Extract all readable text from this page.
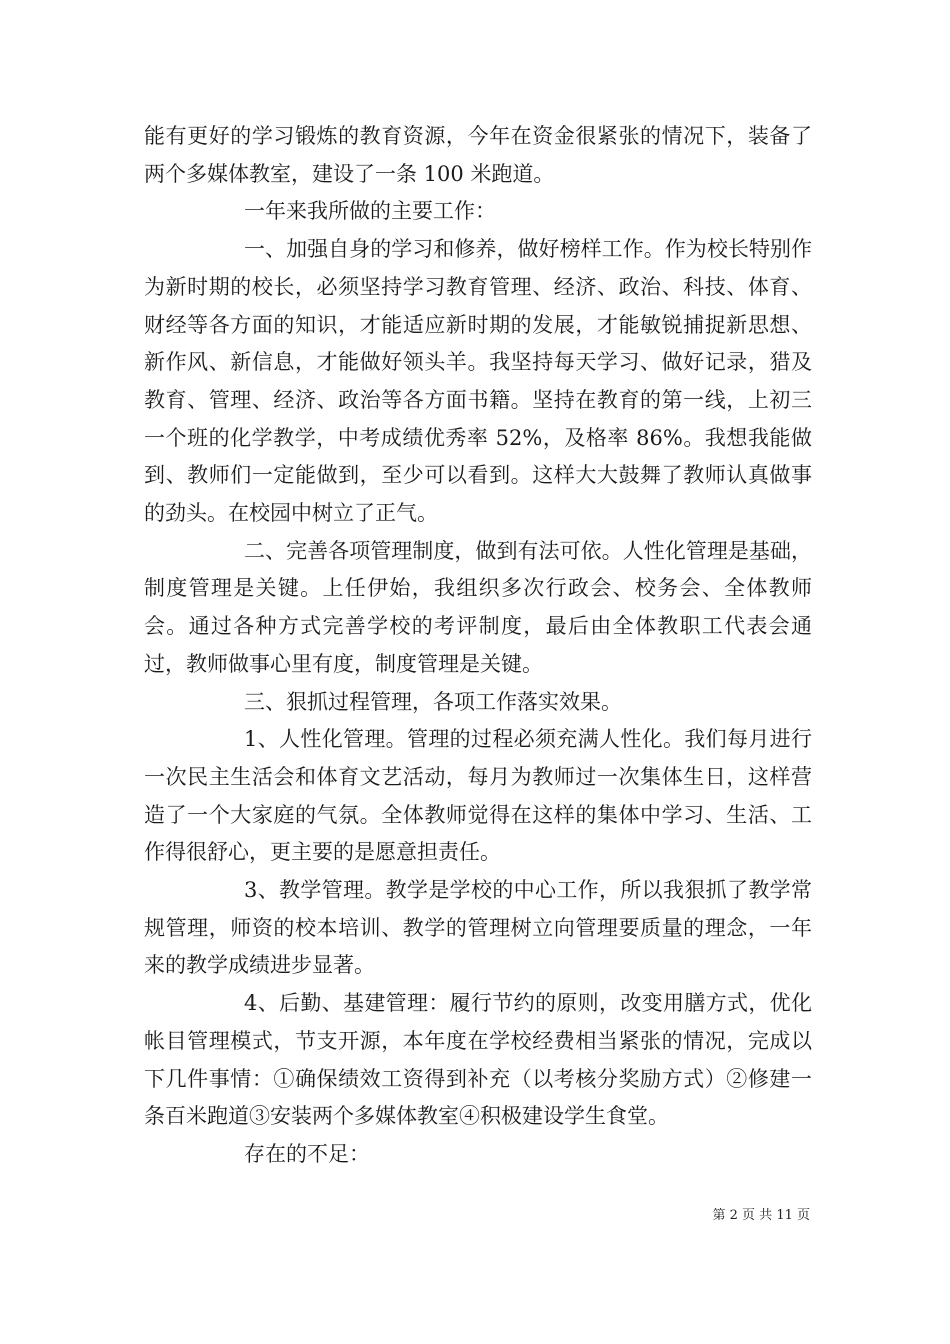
能有更好的学习锻炼的教育资源，今年在资金很紧张的情况下，装备了两个多媒体教室，建设了一条 100 米跑道。

一年来我所做的主要工作：

一、加强自身的学习和修养，做好榜样工作。作为校长特别作为新时期的校长，必须坚持学习教育管理、经济、政治、科技、体育、财经等各方面的知识，才能适应新时期的发展，才能敏锐捕捉新思想、新作风、新信息，才能做好领头羊。我坚持每天学习、做好记录，猎及教育、管理、经济、政治等各方面书籍。坚持在教育的第一线，上初三一个班的化学教学，中考成绩优秀率 52%，及格率 86%。我想我能做到、教师们一定能做到，至少可以看到。这样大大鼓舞了教师认真做事的劲头。在校园中树立了正气。

二、完善各项管理制度，做到有法可依。人性化管理是基础，制度管理是关键。上任伊始，我组织多次行政会、校务会、全体教师会。通过各种方式完善学校的考评制度，最后由全体教职工代表会通过，教师做事心里有度，制度管理是关键。

三、狠抓过程管理，各项工作落实效果。

1、人性化管理。管理的过程必须充满人性化。我们每月进行一次民主生活会和体育文艺活动，每月为教师过一次集体生日，这样营造了一个大家庭的气氛。全体教师觉得在这样的集体中学习、生活、工作得很舒心，更主要的是愿意担责任。

3、教学管理。教学是学校的中心工作，所以我狠抓了教学常规管理，师资的校本培训、教学的管理树立向管理要质量的理念，一年来的教学成绩进步显著。

4、后勤、基建管理：履行节约的原则，改变用膳方式，优化帐目管理模式，节支开源，本年度在学校经费相当紧张的情况，完成以下几件事情：①确保绩效工资得到补充（以考核分奖励方式）②修建一条百米跑道③安装两个多媒体教室④积极建设学生食堂。

存在的不足：

第 2 页 共 11 页
